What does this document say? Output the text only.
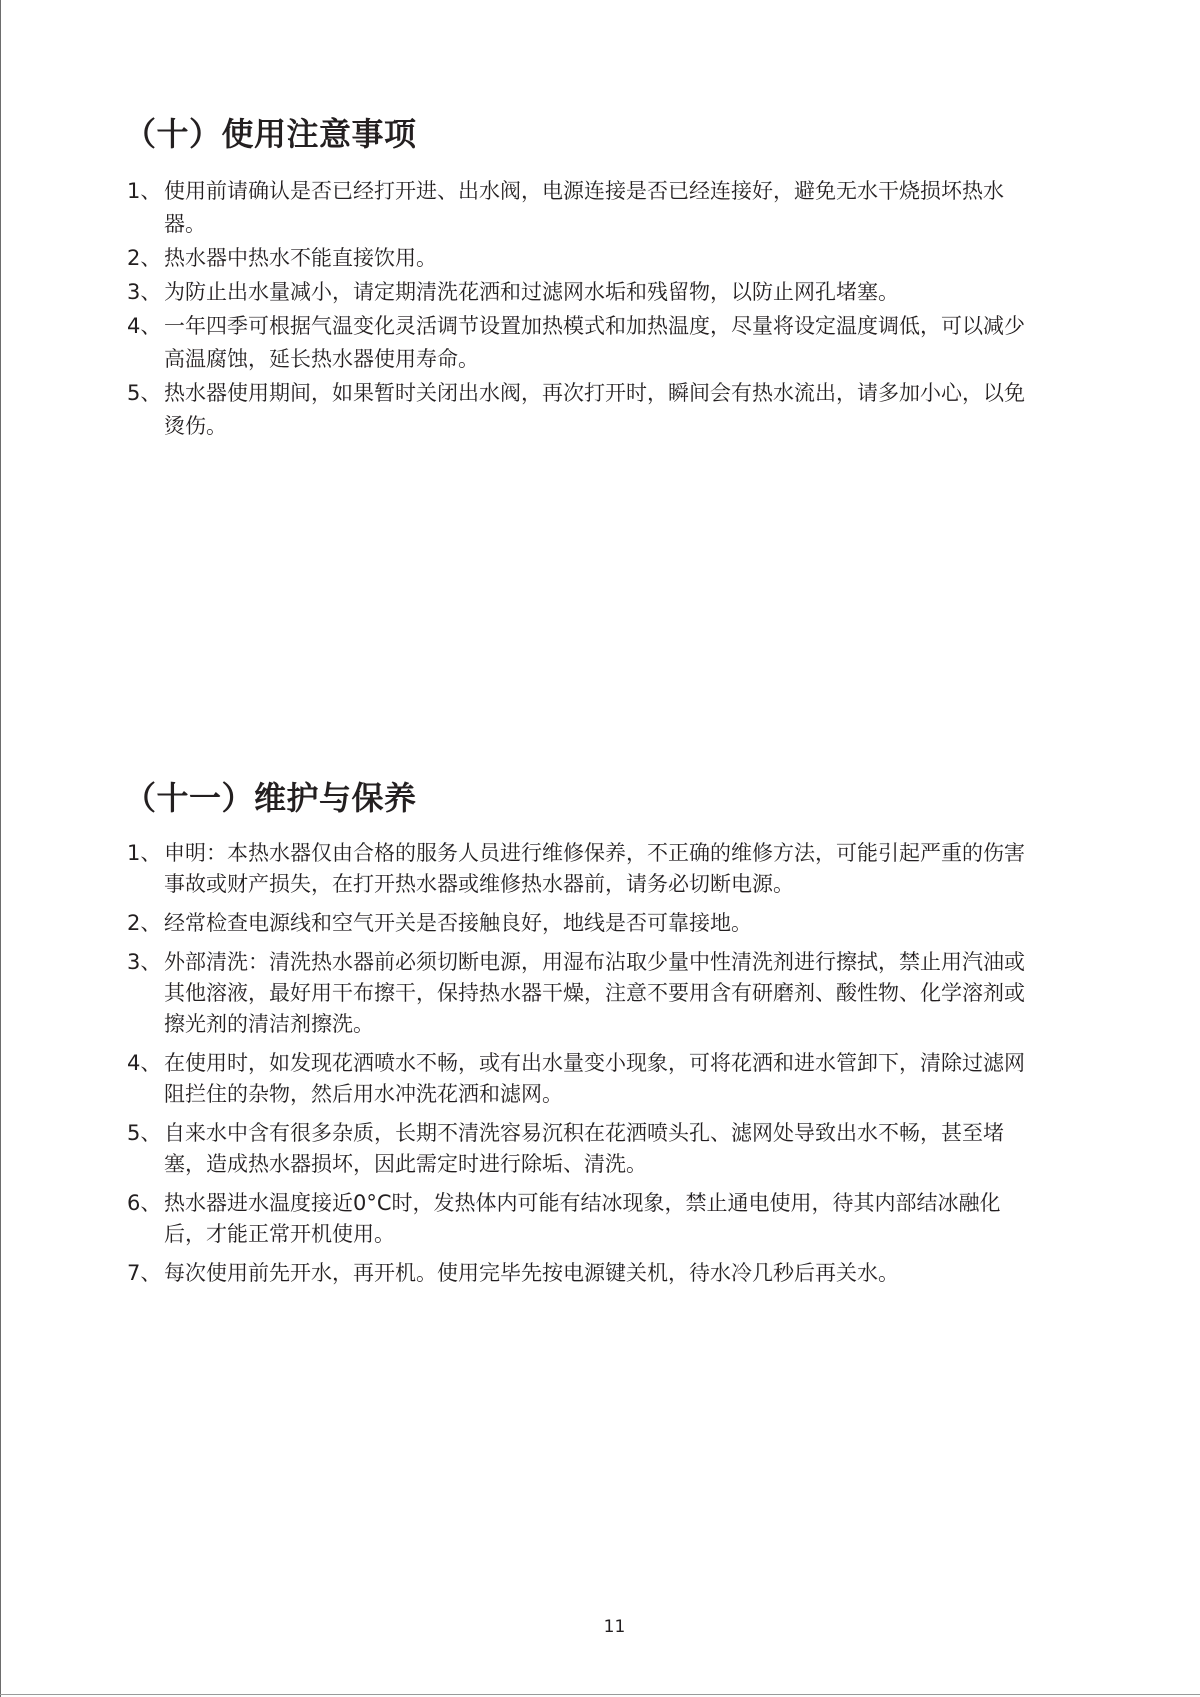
（十）使用注意事项
1、 使用前请确认是否已经打开进、出水阀，电源连接是否已经连接好，避免无水干烧损坏热水器。
2、 热水器中热水不能直接饮用。
3、 为防止出水量减小，请定期清洗花洒和过滤网水垢和残留物，以防止网孔堵塞。
4、 一年四季可根据气温变化灵活调节设置加热模式和加热温度，尽量将设定温度调低，可以减少高温腐蚀，延长热水器使用寿命。
5、 热水器使用期间，如果暂时关闭出水阀，再次打开时，瞬间会有热水流出，请多加小心，以免烫伤。
（十一）维护与保养
1、 申明：本热水器仅由合格的服务人员进行维修保养，不正确的维修方法，可能引起严重的伤害事故或财产损失，在打开热水器或维修热水器前，请务必切断电源。
2、 经常检查电源线和空气开关是否接触良好，地线是否可靠接地。
3、 外部清洗：清洗热水器前必须切断电源，用湿布沾取少量中性清洗剂进行擦拭，禁止用汽油或其他溶液，最好用干布擦干，保持热水器干燥，注意不要用含有研磨剂、酸性物、化学溶剂或擦光剂的清洁剂擦洗。
4、 在使用时，如发现花洒喷水不畅，或有出水量变小现象，可将花洒和进水管卸下，清除过滤网阻拦住的杂物，然后用水冲洗花洒和滤网。
5、 自来水中含有很多杂质，长期不清洗容易沉积在花洒喷头孔、滤网处导致出水不畅，甚至堵塞，造成热水器损坏，因此需定时进行除垢、清洗。
6、 热水器进水温度接近0°C时，发热体内可能有结冰现象，禁止通电使用，待其内部结冰融化后，才能正常开机使用。
7、 每次使用前先开水，再开机。使用完毕先按电源键关机，待水冷几秒后再关水。
11
